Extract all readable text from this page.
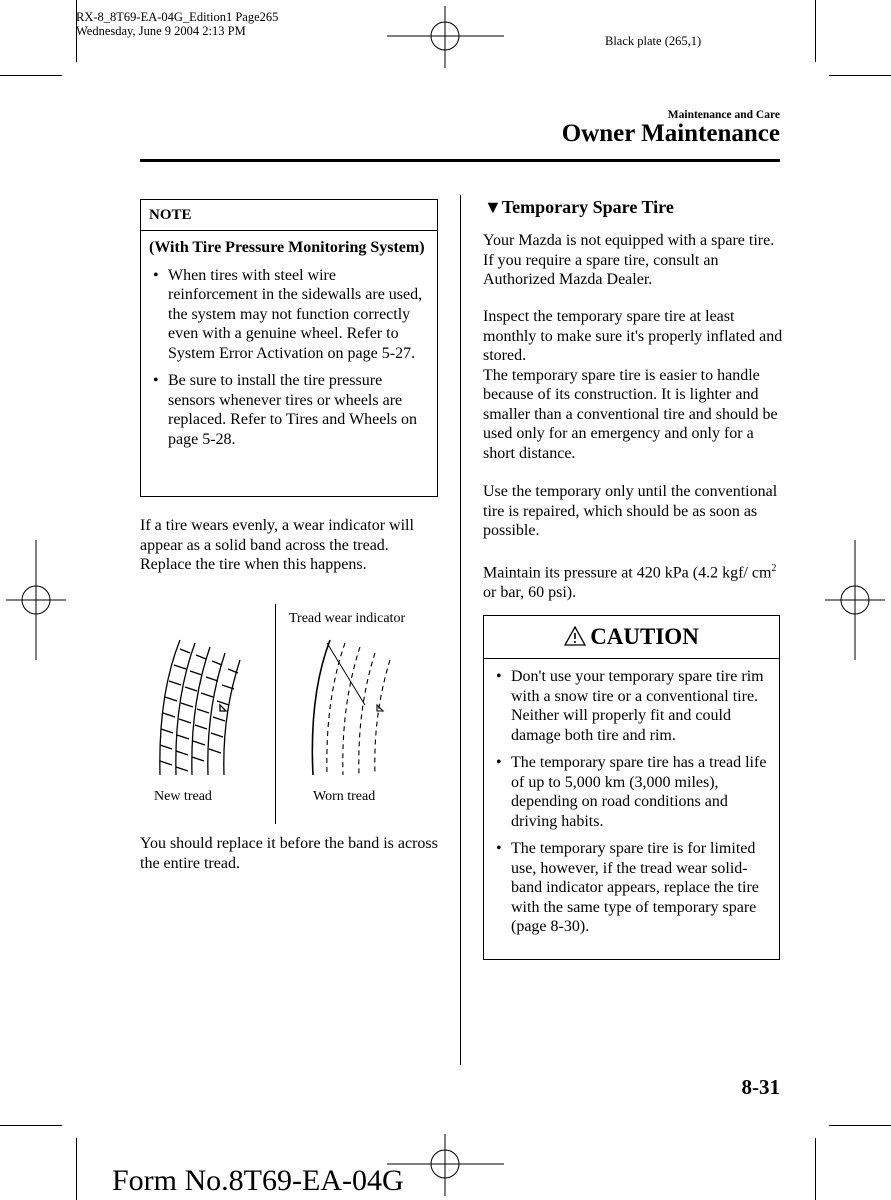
RX-8_8T69-EA-04G_Edition1 Page265
Wednesday, June 9 2004 2:13 PM
Black plate (265,1)
Maintenance and Care
Owner Maintenance
NOTE
(With Tire Pressure Monitoring System)
• When tires with steel wire reinforcement in the sidewalls are used, the system may not function correctly even with a genuine wheel. Refer to System Error Activation on page 5-27.
• Be sure to install the tire pressure sensors whenever tires or wheels are replaced. Refer to Tires and Wheels on page 5-28.
If a tire wears evenly, a wear indicator will appear as a solid band across the tread.
Replace the tire when this happens.
Tread wear indicator
New tread	Worn tread
You should replace it before the band is across the entire tread.
▼Temporary Spare Tire
Your Mazda is not equipped with a spare tire. If you require a spare tire, consult an Authorized Mazda Dealer.
Inspect the temporary spare tire at least monthly to make sure it's properly inflated and stored.
The temporary spare tire is easier to handle because of its construction. It is lighter and smaller than a conventional tire and should be used only for an emergency and only for a short distance.
Use the temporary only until the conventional tire is repaired, which should be as soon as possible.
Maintain its pressure at 420 kPa (4.2 kgf/ $cm^2$ or bar, 60 psi).
CAUTION
• Don't use your temporary spare tire rim with a snow tire or a conventional tire. Neither will properly fit and could damage both tire and rim.
• The temporary spare tire has a tread life of up to 5,000 km (3,000 miles), depending on road conditions and driving habits.
• The temporary spare tire is for limited use, however, if the tread wear solid-band indicator appears, replace the tire with the same type of temporary spare (page 8-30).
8-31
Form No.8T69-EA-04G
